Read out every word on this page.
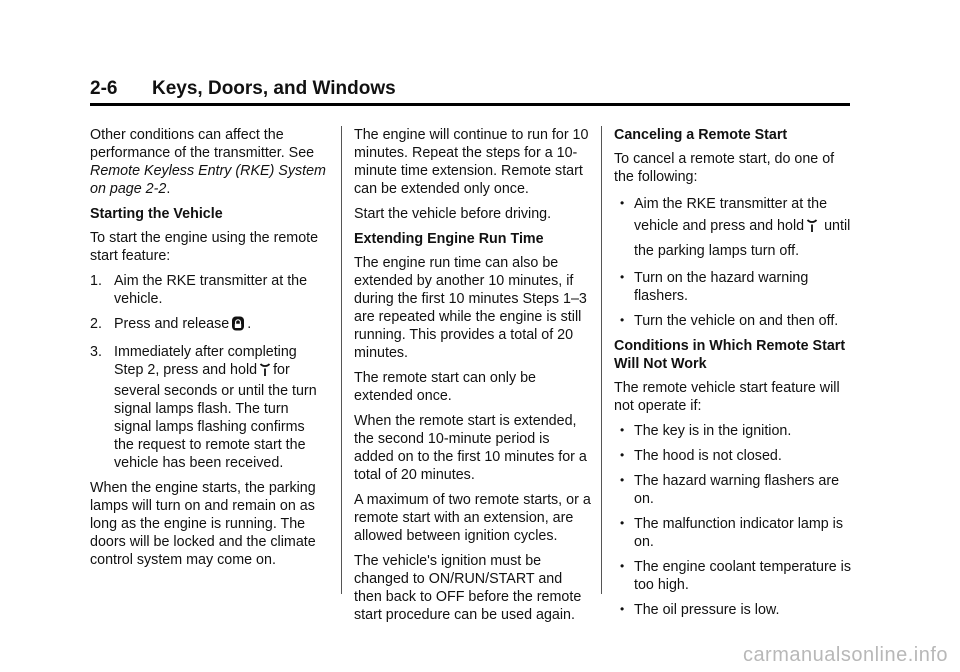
2-6 Keys, Doors, and Windows

Other conditions can affect the performance of the transmitter. See Remote Keyless Entry (RKE) System on page 2-2.

Starting the Vehicle

To start the engine using the remote start feature:

1. Aim the RKE transmitter at the vehicle.
2. Press and release .
3. Immediately after completing Step 2, press and hold for several seconds or until the turn signal lamps flash. The turn signal lamps flashing confirms the request to remote start the vehicle has been received.

When the engine starts, the parking lamps will turn on and remain on as long as the engine is running. The doors will be locked and the climate control system may come on.

The engine will continue to run for 10 minutes. Repeat the steps for a 10-minute time extension. Remote start can be extended only once.

Start the vehicle before driving.

Extending Engine Run Time

The engine run time can also be extended by another 10 minutes, if during the first 10 minutes Steps 1–3 are repeated while the engine is still running. This provides a total of 20 minutes.

The remote start can only be extended once.

When the remote start is extended, the second 10-minute period is added on to the first 10 minutes for a total of 20 minutes.

A maximum of two remote starts, or a remote start with an extension, are allowed between ignition cycles.

The vehicle's ignition must be changed to ON/RUN/START and then back to OFF before the remote start procedure can be used again.

Canceling a Remote Start

To cancel a remote start, do one of the following:

• Aim the RKE transmitter at the vehicle and press and hold until the parking lamps turn off.
• Turn on the hazard warning flashers.
• Turn the vehicle on and then off.

Conditions in Which Remote Start Will Not Work

The remote vehicle start feature will not operate if:

• The key is in the ignition.
• The hood is not closed.
• The hazard warning flashers are on.
• The malfunction indicator lamp is on.
• The engine coolant temperature is too high.
• The oil pressure is low.
carmanualsonline.info
